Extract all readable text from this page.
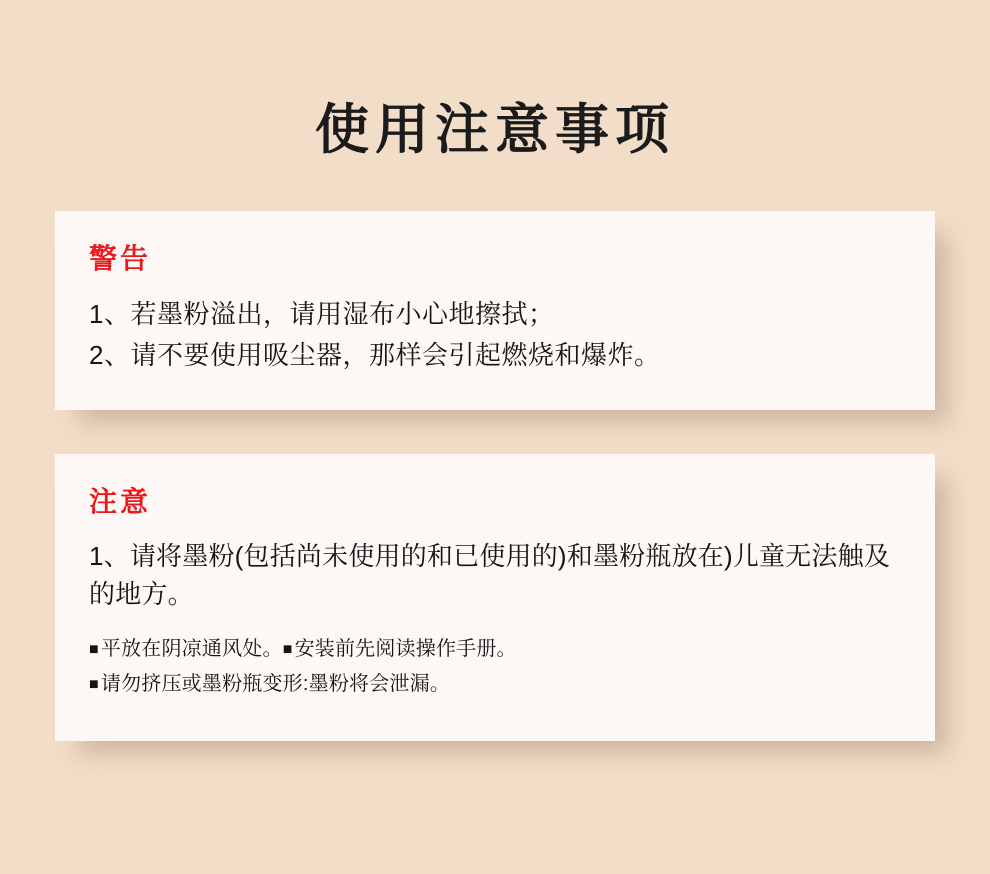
使用注意事项
警告

1、若墨粉溢出，请用湿布小心地擦拭；

2、请不要使用吸尘器，那样会引起燃烧和爆炸。

注意

1、请将墨粉(包括尚未使用的和已使用的)和墨粉瓶放在)儿童无法触及的地方。

■ 平放在阴凉通风处。■ 安装前先阅读操作手册。

■ 请勿挤压或墨粉瓶变形:墨粉将会泄漏。
